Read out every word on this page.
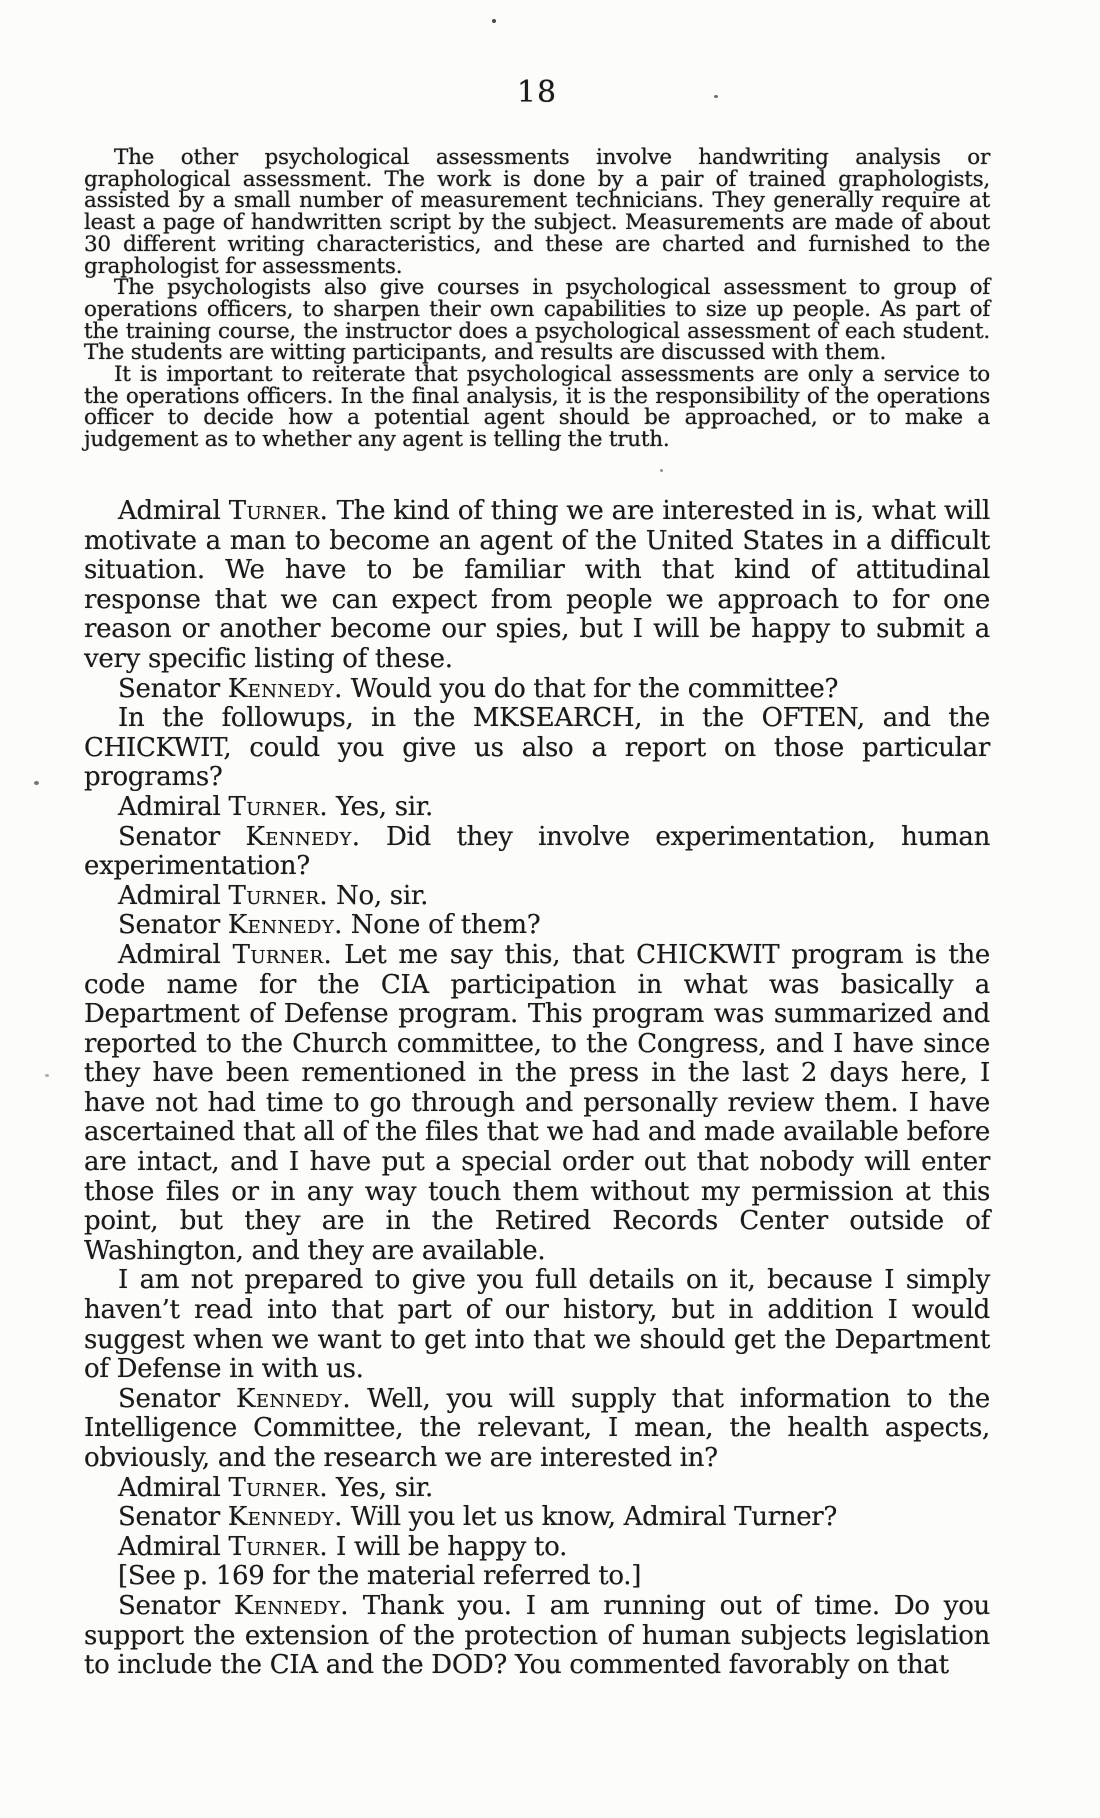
18

The other psychological assessments involve handwriting analysis or graphological assessment. The work is done by a pair of trained graphologists, assisted by a small number of measurement technicians. They generally require at least a page of handwritten script by the subject. Measurements are made of about 30 different writing characteristics, and these are charted and furnished to the graphologist for assessments.

The psychologists also give courses in psychological assessment to group of operations officers, to sharpen their own capabilities to size up people. As part of the training course, the instructor does a psychological assessment of each student. The students are witting participants, and results are discussed with them.

It is important to reiterate that psychological assessments are only a service to the operations officers. In the final analysis, it is the responsibility of the operations officer to decide how a potential agent should be approached, or to make a judgement as to whether any agent is telling the truth.

Admiral Turner. The kind of thing we are interested in is, what will motivate a man to become an agent of the United States in a difficult situation. We have to be familiar with that kind of attitudinal response that we can expect from people we approach to for one reason or another become our spies, but I will be happy to submit a very specific listing of these.

Senator Kennedy. Would you do that for the committee?

In the followups, in the MKSEARCH, in the OFTEN, and the CHICKWIT, could you give us also a report on those particular programs?

Admiral Turner. Yes, sir.

Senator Kennedy. Did they involve experimentation, human experimentation?

Admiral Turner. No, sir.

Senator Kennedy. None of them?

Admiral Turner. Let me say this, that CHICKWIT program is the code name for the CIA participation in what was basically a Department of Defense program. This program was summarized and reported to the Church committee, to the Congress, and I have since they have been rementioned in the press in the last 2 days here, I have not had time to go through and personally review them. I have ascertained that all of the files that we had and made available before are intact, and I have put a special order out that nobody will enter those files or in any way touch them without my permission at this point, but they are in the Retired Records Center outside of Washington, and they are available.

I am not prepared to give you full details on it, because I simply haven’t read into that part of our history, but in addition I would suggest when we want to get into that we should get the Department of Defense in with us.

Senator Kennedy. Well, you will supply that information to the Intelligence Committee, the relevant, I mean, the health aspects, obviously, and the research we are interested in?

Admiral Turner. Yes, sir.

Senator Kennedy. Will you let us know, Admiral Turner?

Admiral Turner. I will be happy to.

[See p. 169 for the material referred to.]

Senator Kennedy. Thank you. I am running out of time. Do you support the extension of the protection of human subjects legislation to include the CIA and the DOD? You commented favorably on that
